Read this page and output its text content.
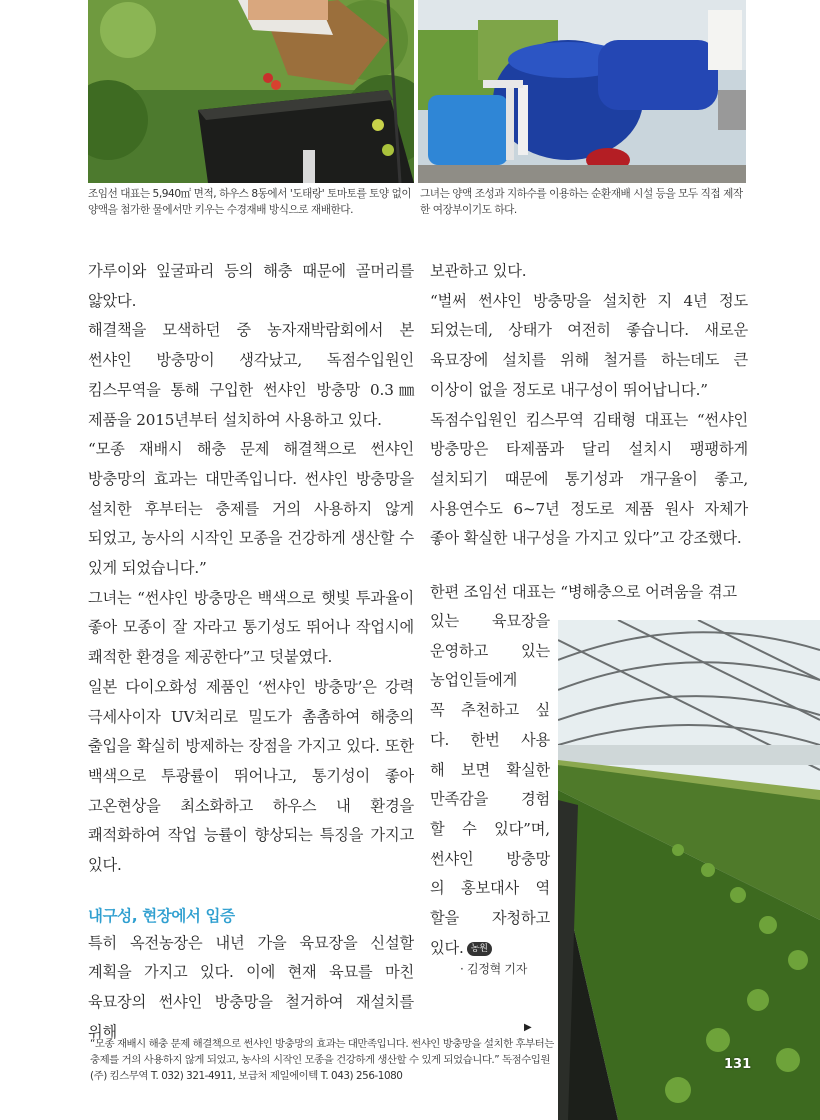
조임선 대표는 5,940㎡ 면적, 하우스 8동에서 '도태랑' 토마토를 토양 없이 양액을 첨가한 물에서만 키우는 수경재배 방식으로 재배한다.
그녀는 양액 조성과 지하수를 이용하는 순환재배 시설 등을 모두 직접 제작한 여장부이기도 하다.

가루이와 잎굴파리 등의 해충 때문에 골머리를 앓았다.

해결책을 모색하던 중 농자재박람회에서 본 썬샤인 방충망이 생각났고, 독점수입원인 킴스무역을 통해 구입한 썬샤인 방충망 0.3㎜ 제품을 2015년부터 설치하여 사용하고 있다.

“모종 재배시 해충 문제 해결책으로 썬샤인 방충망의 효과는 대만족입니다. 썬샤인 방충망을 설치한 후부터는 충제를 거의 사용하지 않게 되었고, 농사의 시작인 모종을 건강하게 생산할 수 있게 되었습니다.”

그녀는 “썬샤인 방충망은 백색으로 햇빛 투과율이 좋아 모종이 잘 자라고 통기성도 뛰어나 작업시에 쾌적한 환경을 제공한다”고 덧붙였다.

일본 다이오화성 제품인 ‘썬샤인 방충망’은 강력 극세사이자 UV처리로 밀도가 촘촘하여 해충의 출입을 확실히 방제하는 장점을 가지고 있다. 또한 백색으로 투광률이 뛰어나고, 통기성이 좋아 고온현상을 최소화하고 하우스 내 환경을 쾌적화하여 작업 능률이 향상되는 특징을 가지고 있다.

내구성, 현장에서 입증

특히 옥전농장은 내년 가을 육묘장을 신설할 계획을 가지고 있다. 이에 현재 육묘를 마친 육묘장의 썬샤인 방충망을 철거하여 재설치를 위해

보관하고 있다.

“벌써 썬샤인 방충망을 설치한 지 4년 정도 되었는데, 상태가 여전히 좋습니다. 새로운 육묘장에 설치를 위해 철거를 하는데도 큰 이상이 없을 정도로 내구성이 뛰어납니다.”

독점수입원인 킴스무역 김태형 대표는 “썬샤인 방충망은 타제품과 달리 설치시 팽팽하게 설치되기 때문에 통기성과 개구율이 좋고, 사용연수도 6~7년 정도로 제품 원사 자체가 좋아 확실한 내구성을 가지고 있다”고 강조했다.

한편 조임선 대표는 “병해충으로 어려움을 겪고

있는 육묘장을

운영하고 있는

농업인들에게

꼭 추천하고 싶

다. 한번 사용

해 보면 확실한

만족감을 경험

할 수 있다”며,

썬샤인 방충망

의 홍보대사 역

할을 자청하고

있다. 농원

· 김정혁 기자
▶
“모종 재배시 해충 문제 해결책으로 썬샤인 방충망의 효과는 대만족입니다. 썬샤인 방충망을 설치한 후부터는 충제를 거의 사용하지 않게 되었고, 농사의 시작인 모종을 건강하게 생산할 수 있게 되었습니다.” 독점수입원 (주) 킴스무역 T. 032) 321-4911, 보급처 제일에이텍 T. 043) 256-1080
131
